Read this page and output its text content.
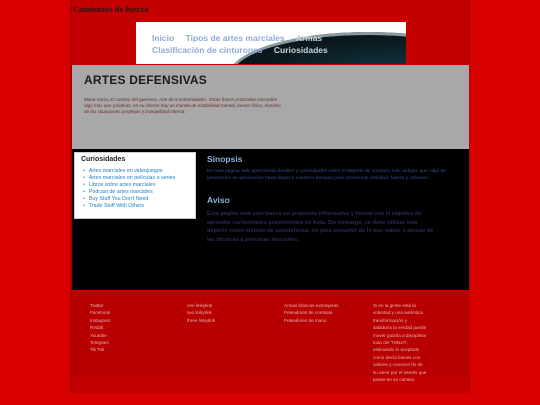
Comienzos de fuerza
Inicio Tipos de artes marciales Armas
Clasificación de cinturones Curiosidades
ARTES DEFENSIVAS

Mano vacía, El camino del guerrero, Arte de 8 extremidades. Estas frases profundas esconden algo más que palabras, en su interior hay un mundo de estabilidad mental, fuerza física, dominio de las situaciones perplejas y tranquilidad interna.

Curiosidades
• Artes marciales en videojuegos
• Artes marciales en películas o series
• Libros sobre artes marciales
• Podcast de artes marciales
• Buy Stuff You Don't Need
• Trade Stuff With Others
Sinopsis

En esta página web aprenderás detalles y curiosidades sobre el deporte de contacto más antiguo que viajó de generación en generación hasta llegar a nuestros tiempos para ofrecernos vitalidad, fuerza y volumen.

Aviso

Esta página web solo busca un propósito informativo y formal con el objetivo de aprender curiosidades provenientes de Asia. Sin embargo, se debe utilizar este deporte como método de autodefensa, no para presumir de lo que sabes o abusar de las técnicas a personas inocentes.

Twitter
Facebook
Instagram
Reddit
Youtube
Telegram
Tik Tok
one linkytink
two linkytink
three linkytink
Armas blancas extranjeras
Peleadores de combate
Peleadores de mano
Si en la gente está la voluntad y una auténtica transformación y sabiduría la verdad puede mover guiarla a disciplinar todo del "NINJA", estimando lo aceptado como decía bienes con valores y conocen fin de su amor por el interés que posee en su camino.
